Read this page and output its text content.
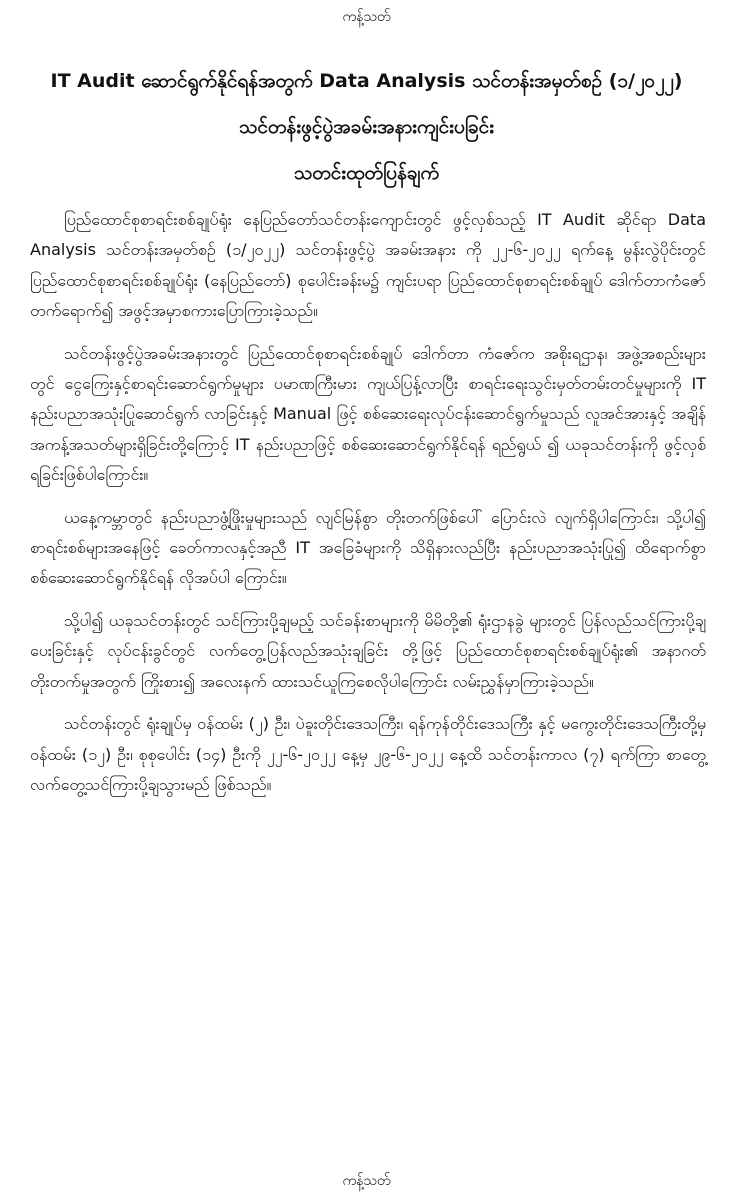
ကန့်သတ်
IT Audit ဆောင်ရွက်နိုင်ရန်အတွက် Data Analysis သင်တန်းအမှတ်စဉ် (၁/၂၀၂၂)
သင်တန်းဖွင့်ပွဲအခမ်းအနားကျင်းပခြင်း
သတင်းထုတ်ပြန်ချက်

ပြည်ထောင်စုစာရင်းစစ်ချုပ်ရုံး နေပြည်တော်သင်တန်းကျောင်းတွင် ဖွင့်လှစ်သည့် IT Audit ဆိုင်ရာ Data Analysis သင်တန်းအမှတ်စဉ် (၁/၂၀၂၂) သင်တန်းဖွင့်ပွဲ အခမ်းအနား ကို ၂၂-၆-၂၀၂၂ ရက်နေ့ မွန်းလွဲပိုင်းတွင် ပြည်ထောင်စုစာရင်းစစ်ချုပ်ရုံး (နေပြည်တော်) စုပေါင်းခန်းမ၌ ကျင်းပရာ ပြည်ထောင်စုစာရင်းစစ်ချုပ် ဒေါက်တာကံဇော် တက်ရောက်၍ အဖွင့်အမှာစကားပြောကြားခဲ့သည်။

သင်တန်းဖွင့်ပွဲအခမ်းအနားတွင် ပြည်ထောင်စုစာရင်းစစ်ချုပ် ဒေါက်တာ ကံဇော်က အစိုးရဌာန၊ အဖွဲ့အစည်းများတွင် ငွေကြေးနှင့်စာရင်းဆောင်ရွက်မှုများ ပမာဏကြီးမား ကျယ်ပြန့်လာပြီး စာရင်းရေးသွင်းမှတ်တမ်းတင်မှုများကို IT နည်းပညာအသုံးပြုဆောင်ရွက် လာခြင်းနှင့် Manual ဖြင့် စစ်ဆေးရေးလုပ်ငန်းဆောင်ရွက်မှုသည် လူအင်အားနှင့် အချိန် အကန့်အသတ်များရှိခြင်းတို့ကြောင့် IT နည်းပညာဖြင့် စစ်ဆေးဆောင်ရွက်နိုင်ရန် ရည်ရွယ် ၍ ယခုသင်တန်းကို ဖွင့်လှစ်ရခြင်းဖြစ်ပါကြောင်း။

ယနေ့ကမ္ဘာတွင် နည်းပညာဖွံ့ဖြိုးမှုများသည် လျင်မြန်စွာ တိုးတက်ဖြစ်ပေါ် ပြောင်းလဲ လျက်ရှိပါကြောင်း၊ သို့ပါ၍ စာရင်းစစ်များအနေဖြင့် ခေတ်ကာလနှင့်အညီ IT အခြေခံများကို သိရှိနားလည်ပြီး နည်းပညာအသုံးပြု၍ ထိရောက်စွာစစ်ဆေးဆောင်ရွက်နိုင်ရန် လိုအပ်ပါ ကြောင်း။

သို့ပါ၍ ယခုသင်တန်းတွင် သင်ကြားပို့ချမည့် သင်ခန်းစာများကို မိမိတို့၏ ရုံးဌာနခွဲ များတွင် ပြန်လည်သင်ကြားပို့ချပေးခြင်းနှင့် လုပ်ငန်းခွင်တွင် လက်တွေ့ပြန်လည်အသုံးချခြင်း တို့ဖြင့် ပြည်ထောင်စုစာရင်းစစ်ချုပ်ရုံး၏ အနာဂတ်တိုးတက်မှုအတွက် ကြိုးစား၍ အလေးနက် ထားသင်ယူကြစေလိုပါကြောင်း လမ်းညွှန်မှာကြားခဲ့သည်။

သင်တန်းတွင် ရုံးချုပ်မှ ဝန်ထမ်း (၂) ဦး၊ ပဲခူးတိုင်းဒေသကြီး၊ ရန်ကုန်တိုင်းဒေသကြီး နှင့် မကွေးတိုင်းဒေသကြီးတို့မှ ဝန်ထမ်း (၁၂) ဦး၊ စုစုပေါင်း (၁၄) ဦးကို ၂၂-၆-၂၀၂၂ နေ့မှ ၂၉-၆-၂၀၂၂ နေ့ထိ သင်တန်းကာလ (၇) ရက်ကြာ စာတွေ့လက်တွေ့သင်ကြားပို့ချသွားမည် ဖြစ်သည်။

ကန့်သတ်
